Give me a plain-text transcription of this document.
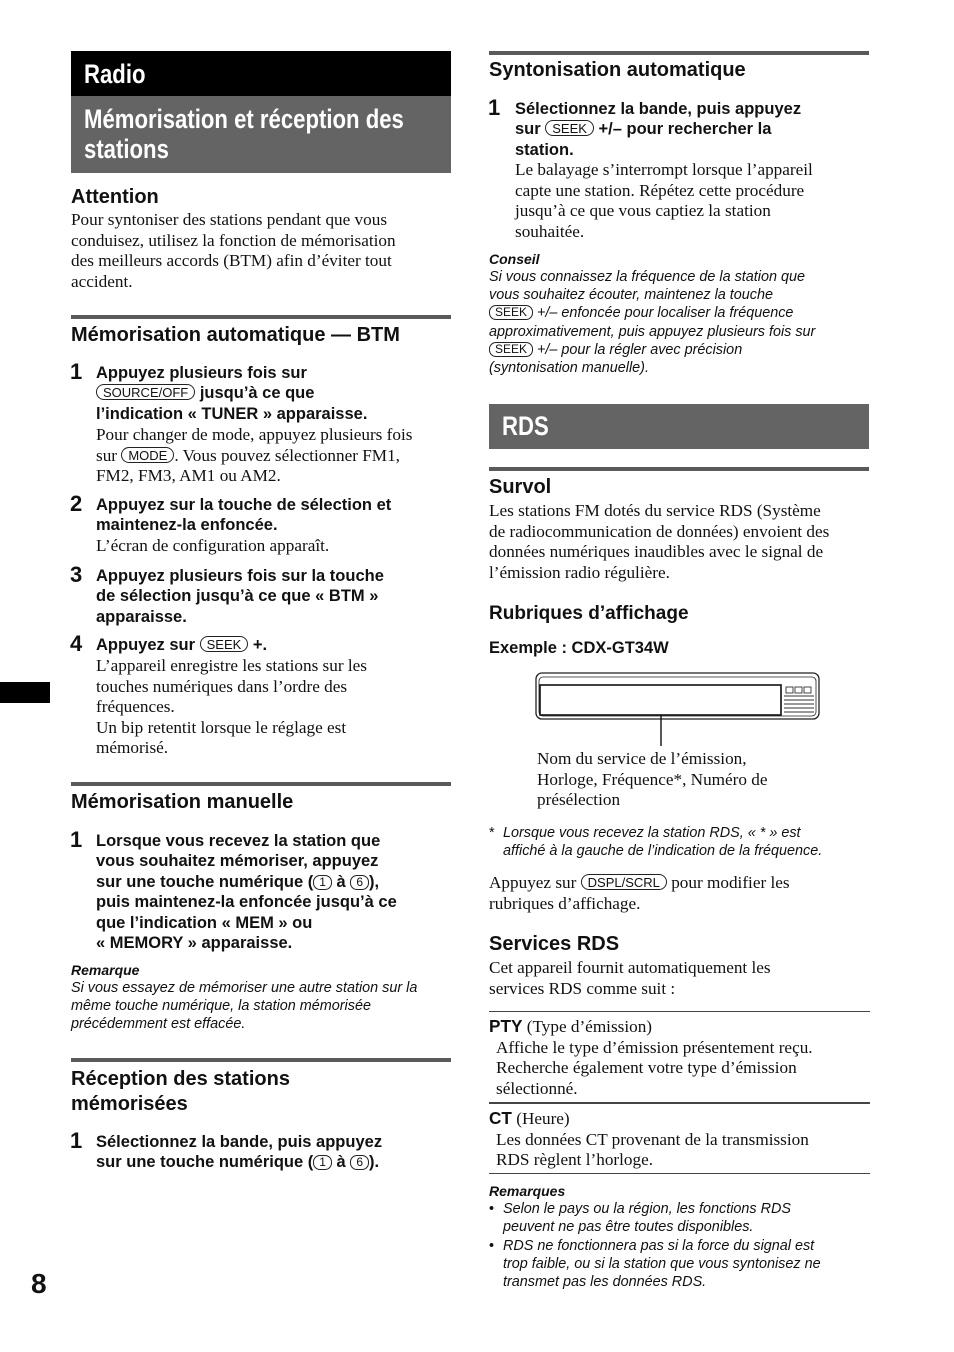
Radio
Mémorisation et réception des
stations
Attention
Pour syntoniser des stations pendant que vous
conduisez, utilisez la fonction de mémorisation
des meilleurs accords (BTM) afin d’éviter tout
accident.
Mémorisation automatique — BTM
1 Appuyez plusieurs fois sur
SOURCE/OFF jusqu’à ce que
l’indication « TUNER » apparaisse.
Pour changer de mode, appuyez plusieurs fois
sur MODE . Vous pouvez sélectionner FM1,
FM2, FM3, AM1 ou AM2.
2 Appuyez sur la touche de sélection et
maintenez-la enfoncée.
L’écran de configuration apparaît.
3 Appuyez plusieurs fois sur la touche
de sélection jusqu’à ce que « BTM »
apparaisse.
4 Appuyez sur SEEK +.
L’appareil enregistre les stations sur les
touches numériques dans l’ordre des
fréquences.
Un bip retentit lorsque le réglage est
mémorisé.
Mémorisation manuelle
1 Lorsque vous recevez la station que
vous souhaitez mémoriser, appuyez
sur une touche numérique ( 1 à 6 ),
puis maintenez-la enfoncée jusqu’à ce
que l’indication « MEM » ou
« MEMORY » apparaisse.
Remarque
Si vous essayez de mémoriser une autre station sur la
même touche numérique, la station mémorisée
précédemment est effacée.
Réception des stations
mémorisées
1 Sélectionnez la bande, puis appuyez
sur une touche numérique ( 1 à 6 ).
Syntonisation automatique
1 Sélectionnez la bande, puis appuyez
sur SEEK +/– pour rechercher la
station.
Le balayage s’interrompt lorsque l’appareil
capte une station. Répétez cette procédure
jusqu’à ce que vous captiez la station
souhaitée.
Conseil
Si vous connaissez la fréquence de la station que
vous souhaitez écouter, maintenez la touche
SEEK +/– enfoncée pour localiser la fréquence
approximativement, puis appuyez plusieurs fois sur
SEEK +/– pour la régler avec précision
(syntonisation manuelle).
RDS
Survol
Les stations FM dotés du service RDS (Système
de radiocommunication de données) envoient des
données numériques inaudibles avec le signal de
l’émission radio régulière.
Rubriques d’affichage
Exemple : CDX-GT34W
Nom du service de l’émission,
Horloge, Fréquence*, Numéro de
présélection
* Lorsque vous recevez la station RDS, « * » est
affiché à la gauche de l’indication de la fréquence.
Appuyez sur DSPL/SCRL pour modifier les
rubriques d’affichage.
Services RDS
Cet appareil fournit automatiquement les
services RDS comme suit :
PTY (Type d’émission)
Affiche le type d’émission présentement reçu.
Recherche également votre type d’émission
sélectionné.
CT (Heure)
Les données CT provenant de la transmission
RDS règlent l’horloge.
Remarques
• Selon le pays ou la région, les fonctions RDS
peuvent ne pas être toutes disponibles.
• RDS ne fonctionnera pas si la force du signal est
trop faible, ou si la station que vous syntonisez ne
transmet pas les données RDS.
8
